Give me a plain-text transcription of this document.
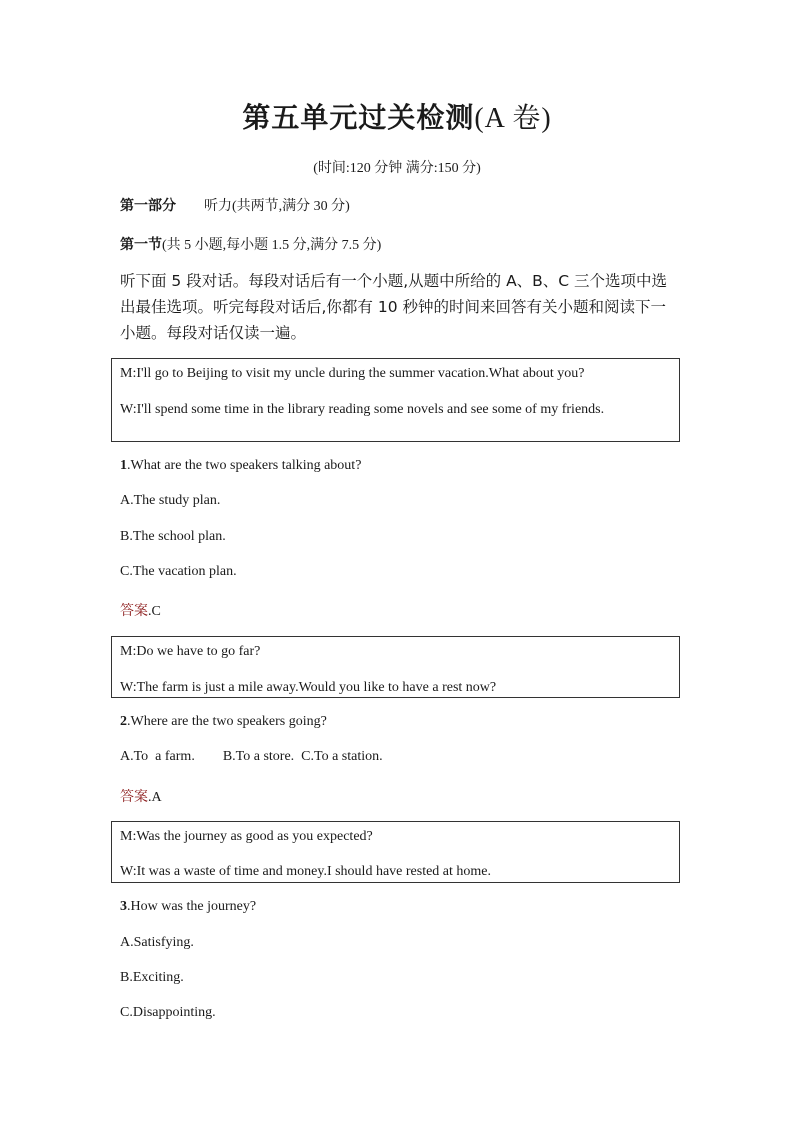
第五单元过关检测(A 卷)
(时间:120 分钟 满分:150 分)
第一部分 听力(共两节,满分 30 分)
第一节(共 5 小题,每小题 1.5 分,满分 7.5 分)
听下面 5 段对话。每段对话后有一个小题,从题中所给的 A、B、C 三个选项中选出最佳选项。听完每段对话后,你都有 10 秒钟的时间来回答有关小题和阅读下一小题。每段对话仅读一遍。

M:I'll go to Beijing to visit my uncle during the summer vacation.What about you?

W:I'll spend some time in the library reading some novels and see some of my friends.

1.What are the two speakers talking about?
A.The study plan.
B.The school plan.
C.The vacation plan.
答案.C

M:Do we have to go far?

W:The farm is just a mile away.Would you like to have a rest now?

2.Where are the two speakers going?
A.To  a farm.        B.To a store.  C.To a station.
答案.A

M:Was the journey as good as you expected?

W:It was a waste of time and money.I should have rested at home.

3.How was the journey?
A.Satisfying.
B.Exciting.
C.Disappointing.
